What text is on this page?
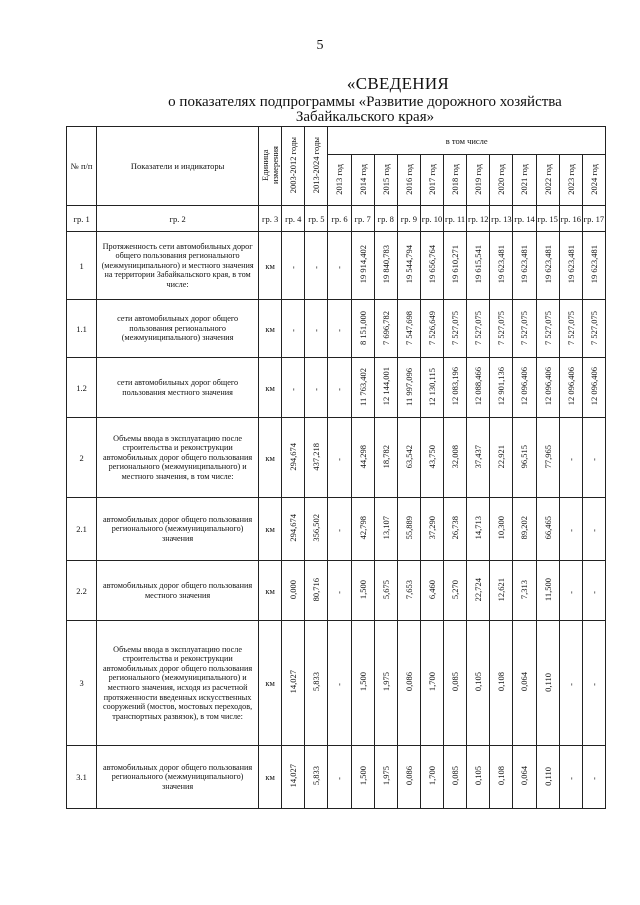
5
«СВЕДЕНИЯ
о показателях подпрограммы «Развитие дорожного хозяйства
Забайкальского края»
№ п/п	Показатели и индикаторы	Единица измерения	2003-2012 годы	2013-2024 годы	в том числе											
					2013 год	2014 год	2015 год	2016 год	2017 год	2018 год	2019 год	2020 год	2021 год	2022 год	2023 год	2024 год
гр. 1	гр. 2	гр. 3	гр. 4	гр. 5	гр. 6	гр. 7	гр. 8	гр. 9	гр. 10	гр. 11	гр. 12	гр. 13	гр. 14	гр. 15	гр. 16	гр. 17
1	Протяженность сети автомобильных дорог общего пользования регионального (межмуниципального) и местного значения на территории Забайкальского края, в том числе:	км	-	-	-	19 914,402	19 840,783	19 544,794	19 656,764	19 610,271	19 615,541	19 623,481	19 623,481	19 623,481	19 623,481	19 623,481
1.1	сети автомобильных дорог общего пользования регионального (межмуниципального) значения	км	-	-	-	8 151,000	7 696,782	7 547,698	7 526,649	7 527,075	7 527,075	7 527,075	7 527,075	7 527,075	7 527,075	7 527,075
1.2	сети автомобильных дорог общего пользования местного значения	км	-	-	-	11 763,402	12 144,001	11 997,096	12 130,115	12 083,196	12 088,466	12 901,136	12 096,406	12 096,406	12 096,406	12 096,406
2	Объемы ввода в эксплуатацию после строительства и реконструкции автомобильных дорог общего пользования регионального (межмуниципального) и местного значения, в том числе:	км	294,674	437,218	-	44,298	18,782	63,542	43,750	32,008	37,437	22,921	96,515	77,965	-	-
2.1	автомобильных дорог общего пользования регионального (межмуниципального) значения	км	294,674	356,502	-	42,798	13,107	55,889	37,290	26,738	14,713	10,300	89,202	66,465	-	-
2.2	автомобильных дорог общего пользования местного значения	км	0,000	80,716	-	1,500	5,675	7,653	6,460	5,270	22,724	12,621	7,313	11,500	-	-
3	Объемы ввода в эксплуатацию после строительства и реконструкции автомобильных дорог общего пользования регионального (межмуниципального) и местного значения, исходя из расчетной протяженности введенных искусственных сооружений (мостов, мостовых переходов, транспортных развязок), в том числе:	км	14,027	5,833	-	1,500	1,975	0,086	1,700	0,085	0,105	0,108	0,064	0,110	-	-
3.1	автомобильных дорог общего пользования регионального (межмуниципального) значения	км	14,027	5,833	-	1,500	1,975	0,086	1,700	0,085	0,105	0,108	0,064	0,110	-	-
